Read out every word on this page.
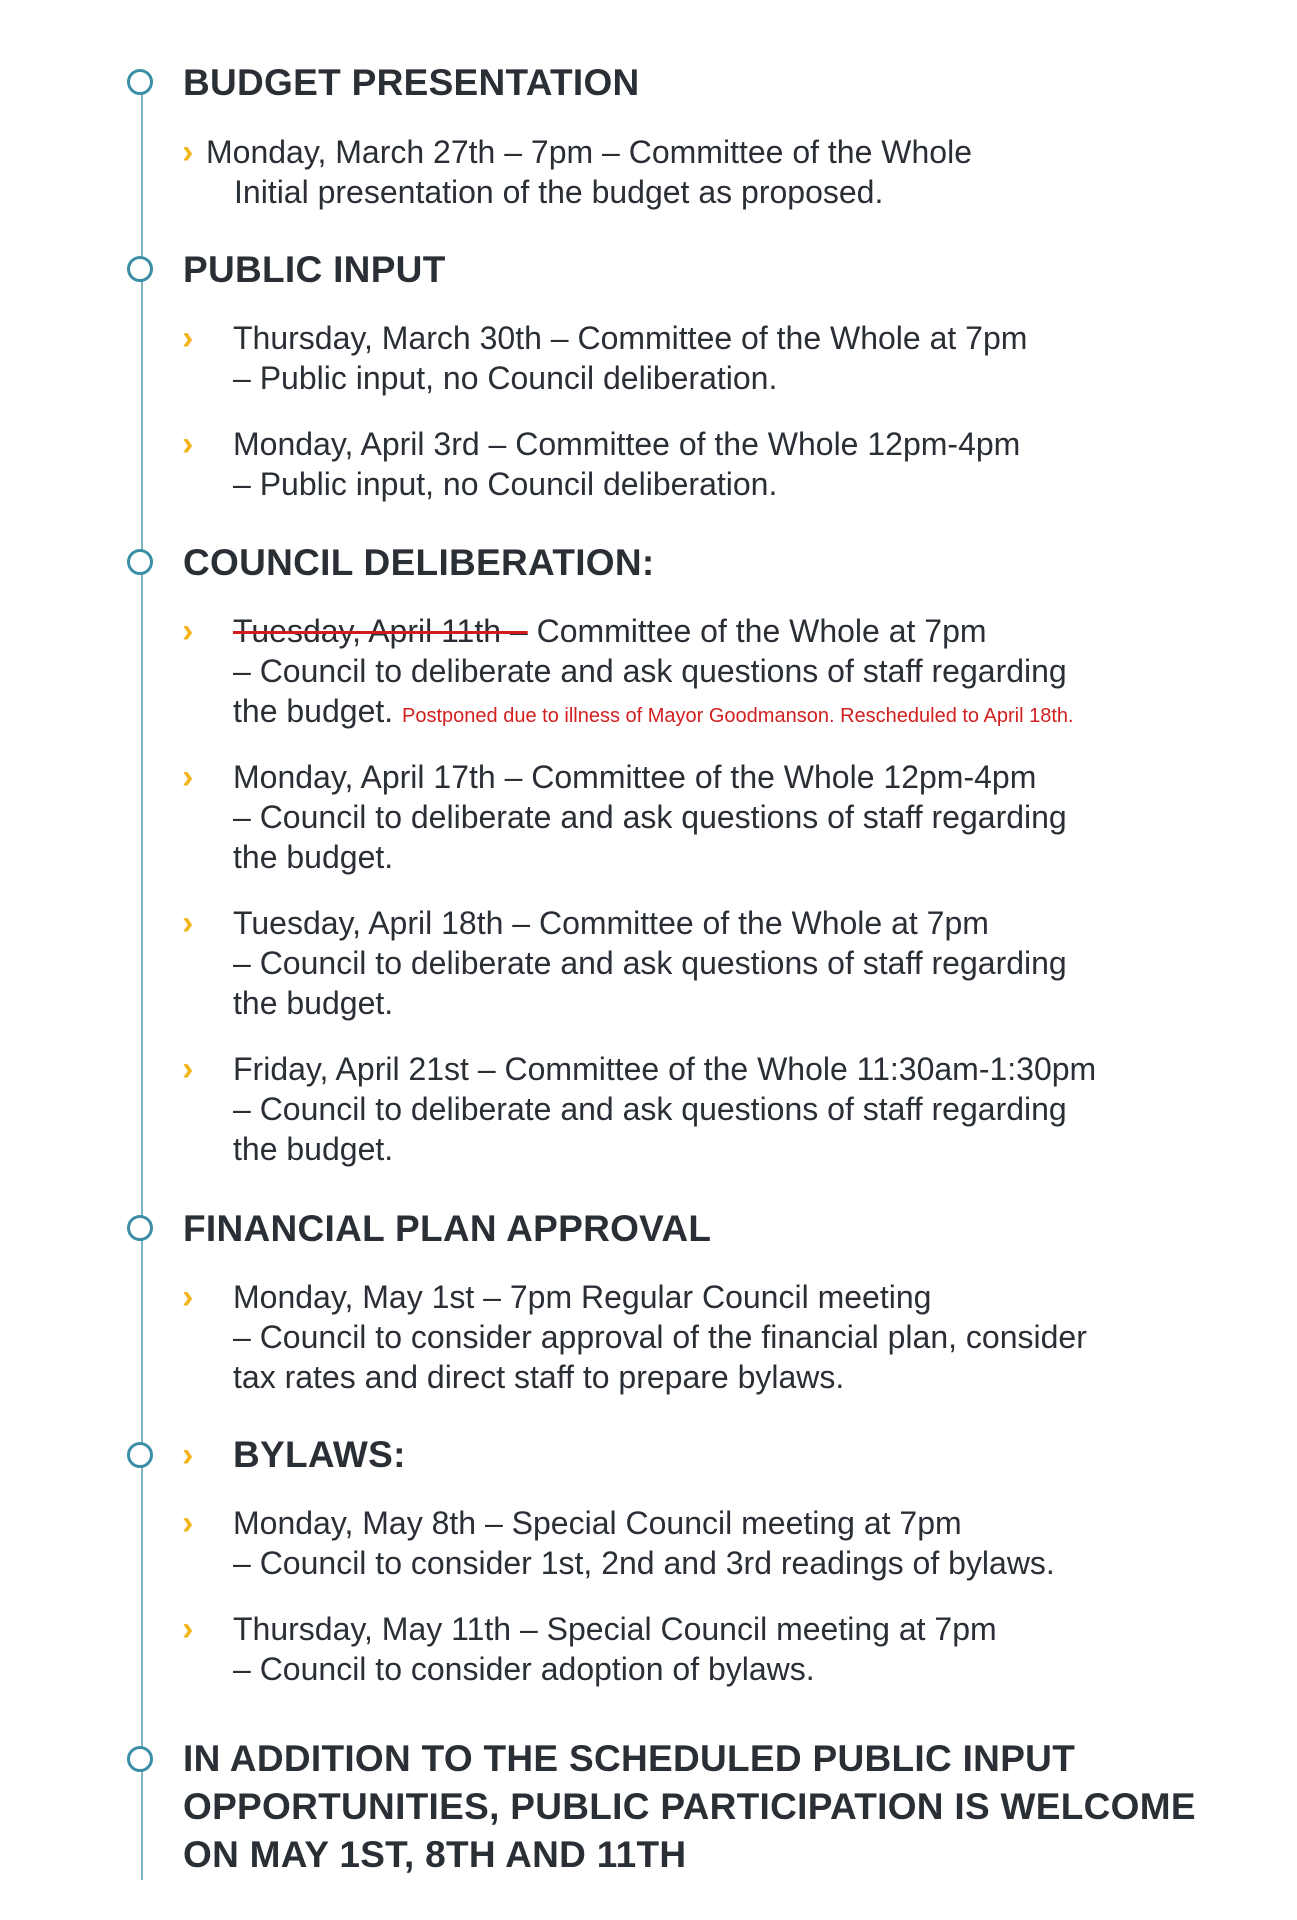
BUDGET PRESENTATION
› Monday, March 27th – 7pm – Committee of the Whole
Initial presentation of the budget as proposed.
PUBLIC INPUT
› Thursday, March 30th – Committee of the Whole at 7pm
– Public input, no Council deliberation.
› Monday, April 3rd – Committee of the Whole 12pm-4pm
– Public input, no Council deliberation.
COUNCIL DELIBERATION:
› Tuesday, April 11th – Committee of the Whole at 7pm
– Council to deliberate and ask questions of staff regarding
the budget. Postponed due to illness of Mayor Goodmanson. Rescheduled to April 18th.
› Monday, April 17th – Committee of the Whole 12pm-4pm
– Council to deliberate and ask questions of staff regarding
the budget.
› Tuesday, April 18th – Committee of the Whole at 7pm
– Council to deliberate and ask questions of staff regarding
the budget.
› Friday, April 21st – Committee of the Whole 11:30am-1:30pm
– Council to deliberate and ask questions of staff regarding
the budget.
FINANCIAL PLAN APPROVAL
› Monday, May 1st – 7pm Regular Council meeting
– Council to consider approval of the financial plan, consider
tax rates and direct staff to prepare bylaws.
› BYLAWS:
› Monday, May 8th – Special Council meeting at 7pm
– Council to consider 1st, 2nd and 3rd readings of bylaws.
› Thursday, May 11th – Special Council meeting at 7pm
– Council to consider adoption of bylaws.
IN ADDITION TO THE SCHEDULED PUBLIC INPUT
OPPORTUNITIES, PUBLIC PARTICIPATION IS WELCOME
ON MAY 1ST, 8TH AND 11TH
